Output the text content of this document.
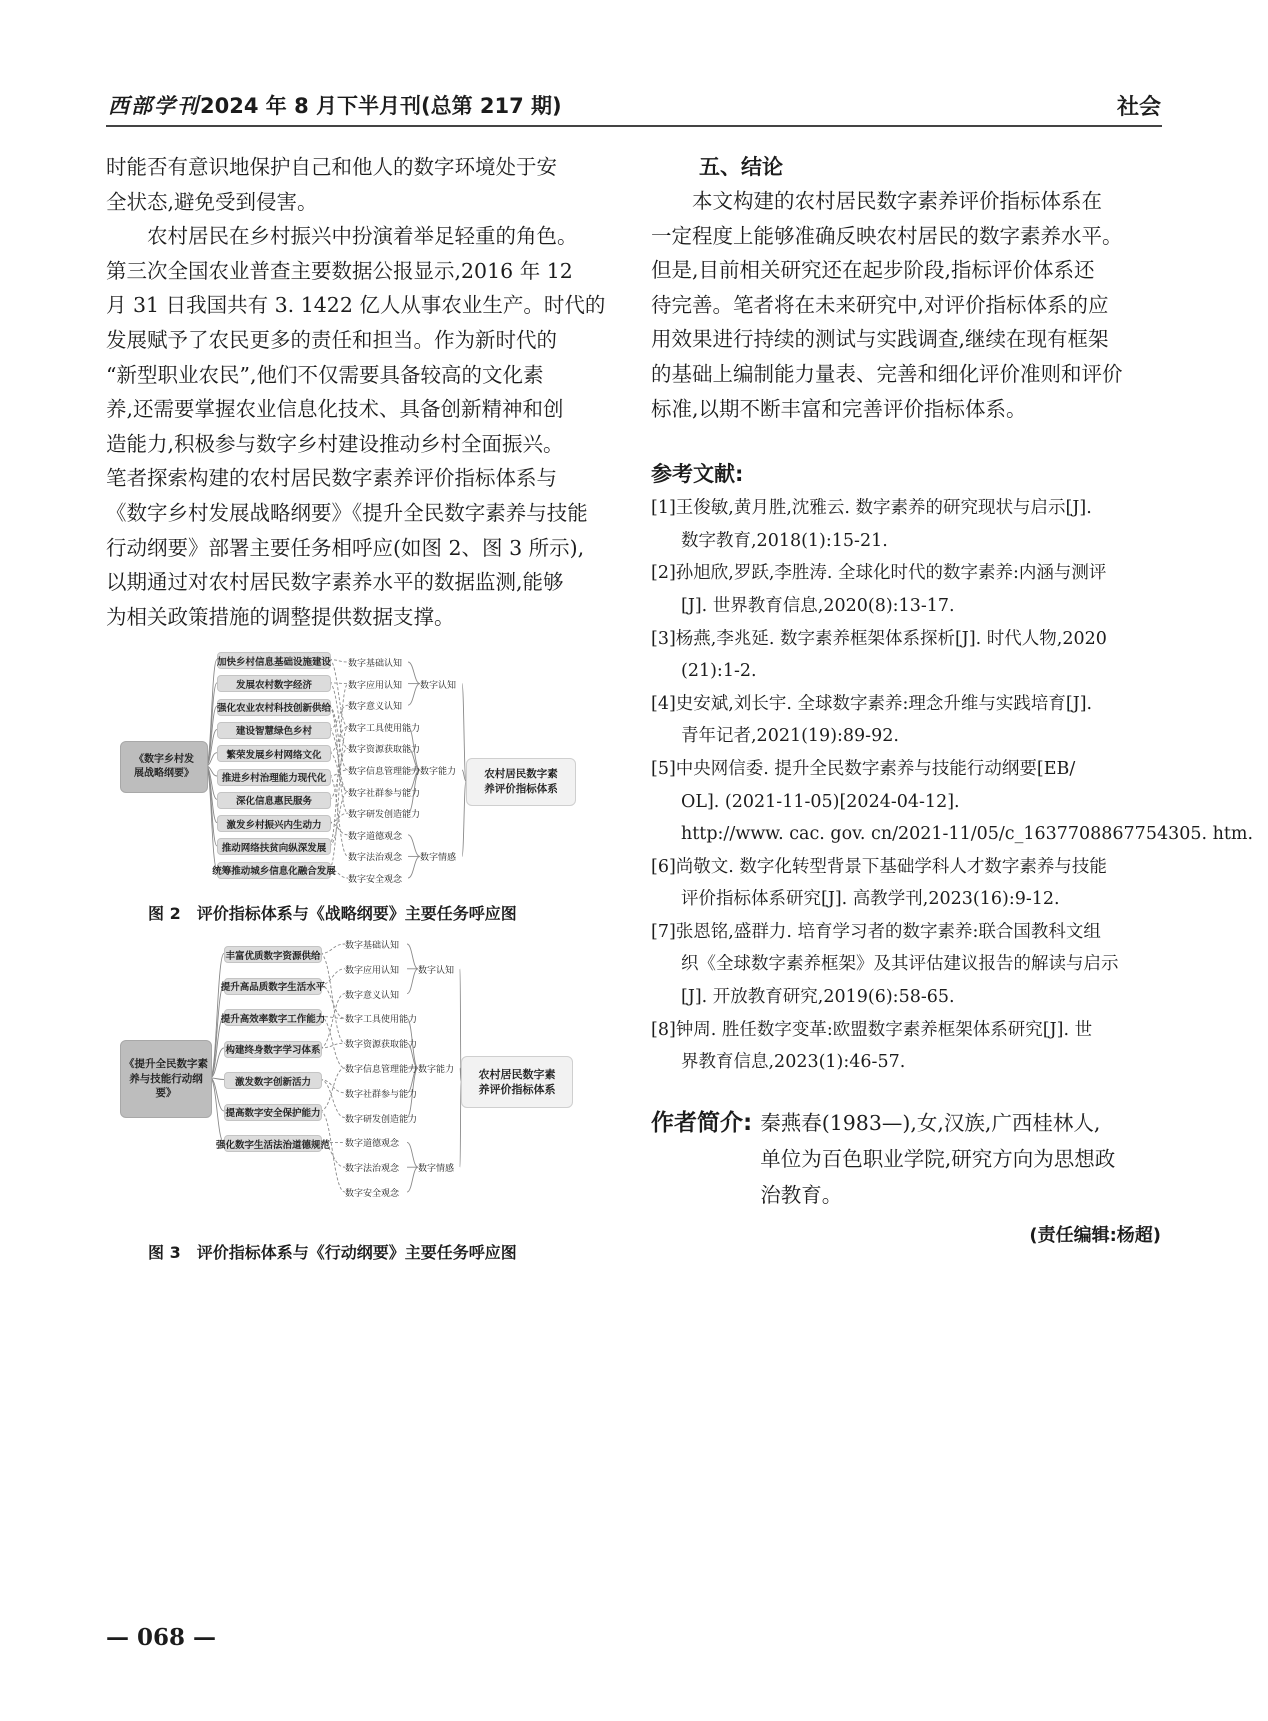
西部学刊 2024 年 8 月下半月刊(总第 217 期)	社会
时能否有意识地保护自己和他人的数字环境处于安
全状态,避免受到侵害。
　　农村居民在乡村振兴中扮演着举足轻重的角色。
第三次全国农业普查主要数据公报显示,2016 年 12
月 31 日我国共有 3. 1422 亿人从事农业生产。时代的
发展赋予了农民更多的责任和担当。作为新时代的
“新型职业农民”,他们不仅需要具备较高的文化素
养,还需要掌握农业信息化技术、具备创新精神和创
造能力,积极参与数字乡村建设推动乡村全面振兴。
笔者探索构建的农村居民数字素养评价指标体系与
《数字乡村发展战略纲要》《提升全民数字素养与技能
行动纲要》部署主要任务相呼应(如图 2、图 3 所示),
以期通过对农村居民数字素养水平的数据监测,能够
为相关政策措施的调整提供数据支撑。
《数字乡村发
展战略纲要》
加快乡村信息基础设施建设
发展农村数字经济
强化农业农村科技创新供给
建设智慧绿色乡村
繁荣发展乡村网络文化
推进乡村治理能力现代化
深化信息惠民服务
激发乡村振兴内生动力
推动网络扶贫向纵深发展
统筹推动城乡信息化融合发展
数字基础认知
数字应用认知
数字意义认知
数字工具使用能力
数字资源获取能力
数字信息管理能力
数字社群参与能力
数字研发创造能力
数字道德观念
数字法治观念
数字安全观念
数字认知
数字能力
数字情感
农村居民数字素
养评价指标体系
图 2　评价指标体系与《战略纲要》主要任务呼应图
《提升全民数字素
养与技能行动纲
要》
丰富优质数字资源供给
提升高品质数字生活水平
提升高效率数字工作能力
构建终身数字学习体系
激发数字创新活力
提高数字安全保护能力
强化数字生活法治道德规范
数字基础认知
数字应用认知
数字意义认知
数字工具使用能力
数字资源获取能力
数字信息管理能力
数字社群参与能力
数字研发创造能力
数字道德观念
数字法治观念
数字安全观念
数字认知
数字能力
数字情感
农村居民数字素
养评价指标体系
图 3　评价指标体系与《行动纲要》主要任务呼应图
五、结论
　　本文构建的农村居民数字素养评价指标体系在
一定程度上能够准确反映农村居民的数字素养水平。
但是,目前相关研究还在起步阶段,指标评价体系还
待完善。笔者将在未来研究中,对评价指标体系的应
用效果进行持续的测试与实践调查,继续在现有框架
的基础上编制能力量表、完善和细化评价准则和评价
标准,以期不断丰富和完善评价指标体系。
参考文献:
[1]王俊敏,黄月胜,沈雅云. 数字素养的研究现状与启示[J].
数字教育,2018(1):15-21.
[2]孙旭欣,罗跃,李胜涛. 全球化时代的数字素养:内涵与测评
[J]. 世界教育信息,2020(8):13-17.
[3]杨燕,李兆延. 数字素养框架体系探析[J]. 时代人物,2020
(21):1-2.
[4]史安斌,刘长宇. 全球数字素养:理念升维与实践培育[J].
青年记者,2021(19):89-92.
[5]中央网信委. 提升全民数字素养与技能行动纲要[EB/
OL]. (2021-11-05)[2024-04-12].
http://www. cac. gov. cn/2021-11/05/c_1637708867754305. htm.
[6]尚敬文. 数字化转型背景下基础学科人才数字素养与技能
评价指标体系研究[J]. 高教学刊,2023(16):9-12.
[7]张恩铭,盛群力. 培育学习者的数字素养:联合国教科文组
织《全球数字素养框架》及其评估建议报告的解读与启示
[J]. 开放教育研究,2019(6):58-65.
[8]钟周. 胜任数字变革:欧盟数字素养框架体系研究[J]. 世
界教育信息,2023(1):46-57.
作者简介: 秦燕春(1983—),女,汉族,广西桂林人,
单位为百色职业学院,研究方向为思想政
治教育。
(责任编辑:杨超)
— 068 —
